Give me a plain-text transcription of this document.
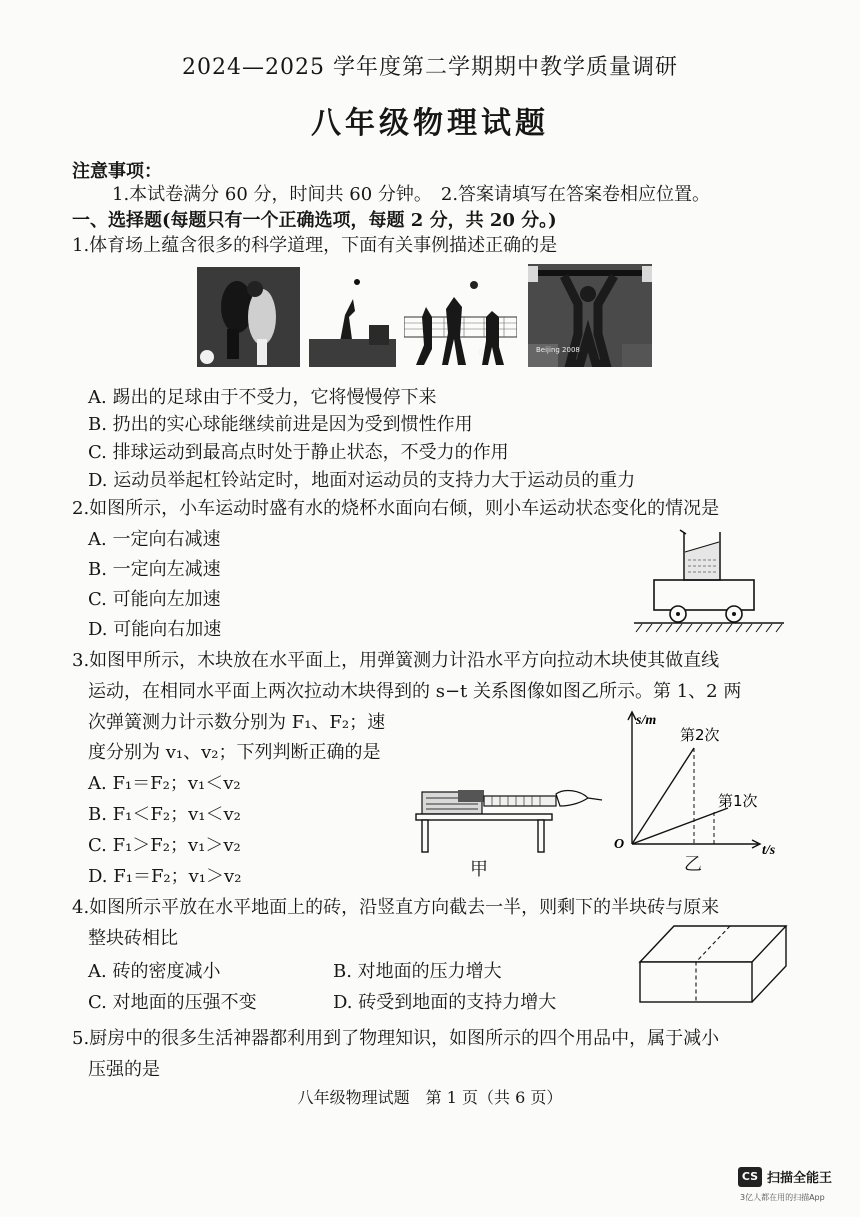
2024—2025 学年度第二学期期中教学质量调研
八年级物理试题
注意事项：
1.本试卷满分 60 分，时间共 60 分钟。　2.答案请填写在答案卷相应位置。
一、选择题(每题只有一个正确选项，每题 2 分，共 20 分。)
1.体育场上蕴含很多的科学道理，下面有关事例描述正确的是
0	Beijing 2008
A. 踢出的足球由于不受力，它将慢慢停下来
B. 扔出的实心球能继续前进是因为受到惯性作用
C. 排球运动到最高点时处于静止状态，不受力的作用
D. 运动员举起杠铃站定时，地面对运动员的支持力大于运动员的重力
2.如图所示，小车运动时盛有水的烧杯水面向右倾，则小车运动状态变化的情况是
A. 一定向右减速
B. 一定向左减速
C. 可能向左加速
D. 可能向右加速
3.如图甲所示，木块放在水平面上，用弹簧测力计沿水平方向拉动木块使其做直线
运动，在相同水平面上两次拉动木块得到的 s−t 关系图像如图乙所示。第 1、2 两
次弹簧测力计示数分别为 F₁、F₂；速
度分别为 v₁、v₂；下列判断正确的是
A. F₁＝F₂；v₁＜v₂
B. F₁＜F₂；v₁＜v₂
C. F₁＞F₂；v₁＞v₂
D. F₁＝F₂；v₁＞v₂	甲
s/m
t/s
O
第2次
第1次
乙
4.如图所示平放在水平地面上的砖，沿竖直方向截去一半，则剩下的半块砖与原来
整块砖相比
A. 砖的密度减小	B. 对地面的压力增大
C. 对地面的压强不变	D. 砖受到地面的支持力增大
5.厨房中的很多生活神器都利用到了物理知识，如图所示的四个用品中，属于减小
压强的是
八年级物理试题　第 1 页（共 6 页）
CS 扫描全能王
3亿人都在用的扫描App
